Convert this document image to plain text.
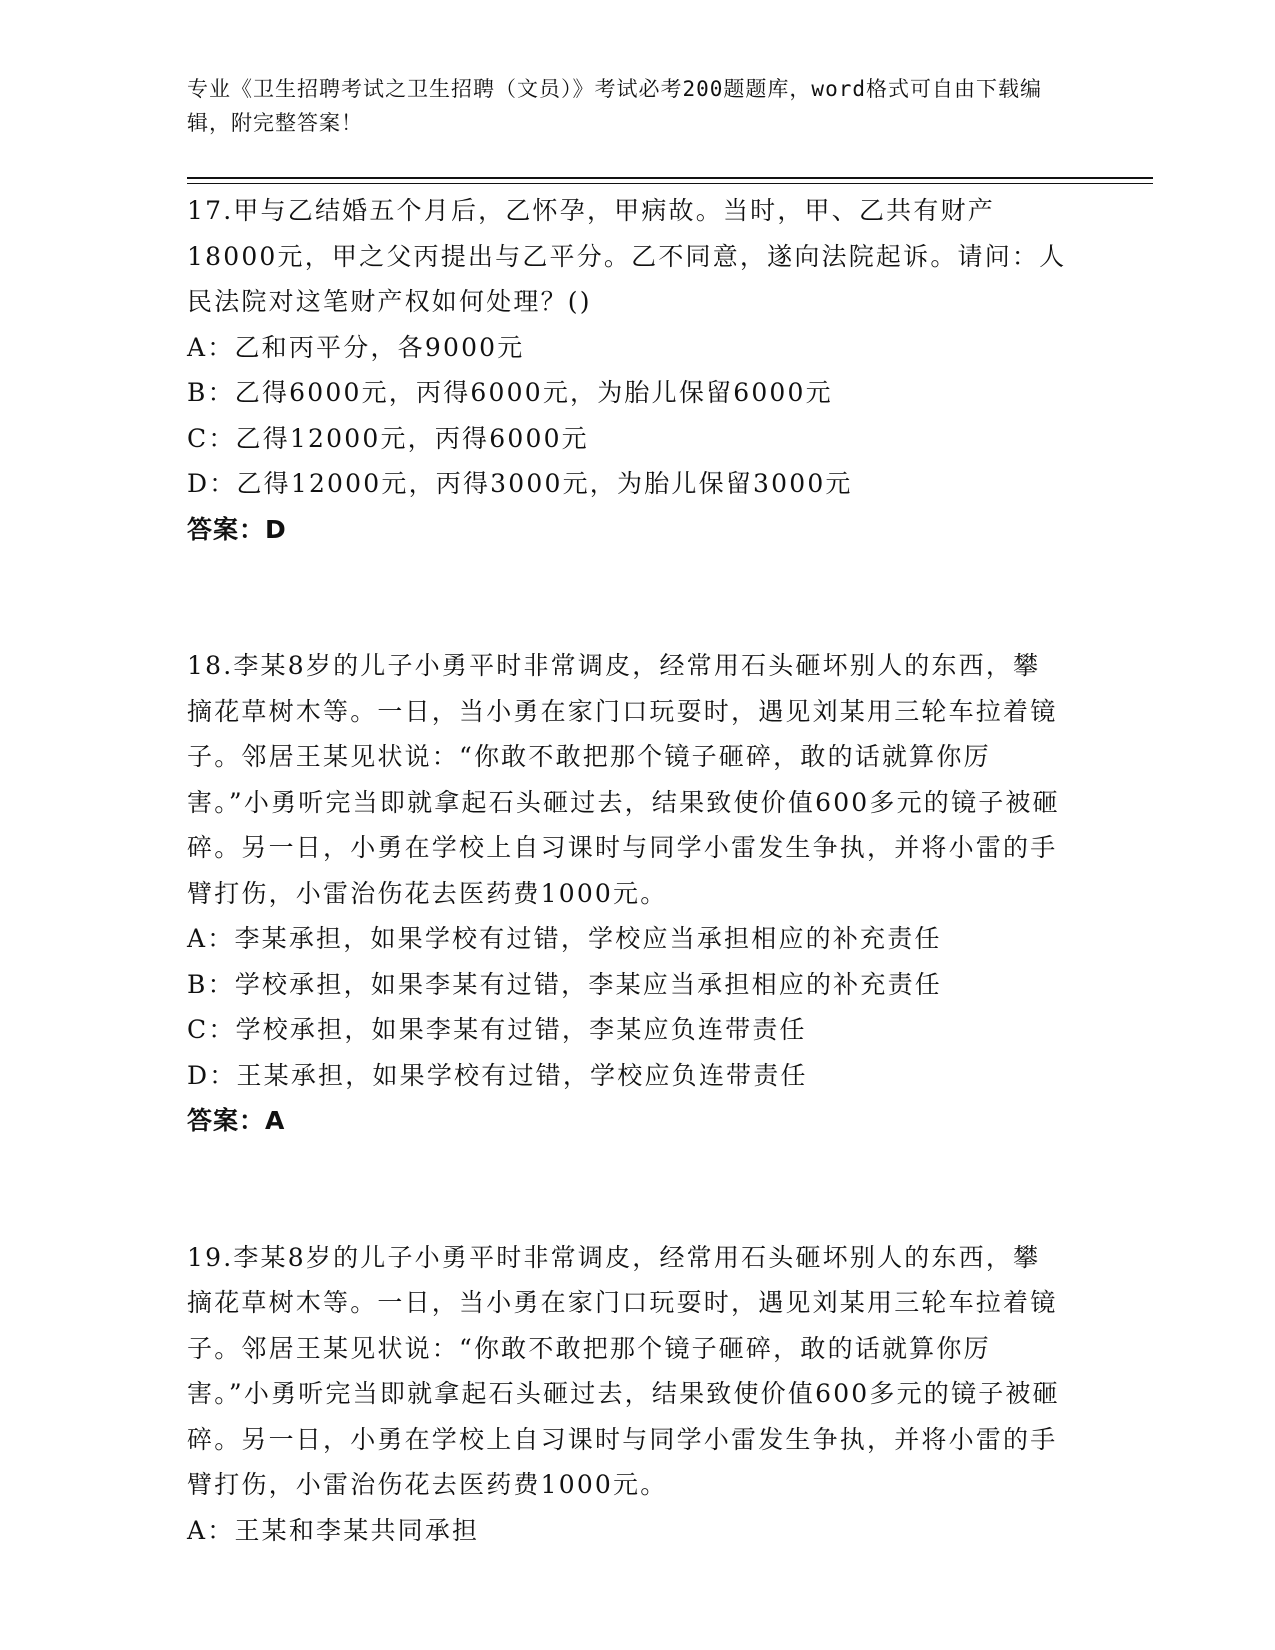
专业《卫生招聘考试之卫生招聘（文员）》考试必考200题题库，word格式可自由下载编辑，附完整答案！

17.甲与乙结婚五个月后，乙怀孕，甲病故。当时，甲、乙共有财产18000元，甲之父丙提出与乙平分。乙不同意，遂向法院起诉。请问：人民法院对这笔财产权如何处理？()

A：乙和丙平分，各9000元

B：乙得6000元，丙得6000元，为胎儿保留6000元

C：乙得12000元，丙得6000元

D：乙得12000元，丙得3000元，为胎儿保留3000元

答案：D

18.李某8岁的儿子小勇平时非常调皮，经常用石头砸坏别人的东西，攀摘花草树木等。一日，当小勇在家门口玩耍时，遇见刘某用三轮车拉着镜子。邻居王某见状说：“你敢不敢把那个镜子砸碎，敢的话就算你厉害。”小勇听完当即就拿起石头砸过去，结果致使价值600多元的镜子被砸碎。另一日，小勇在学校上自习课时与同学小雷发生争执，并将小雷的手臂打伤，小雷治伤花去医药费1000元。

A：李某承担，如果学校有过错，学校应当承担相应的补充责任

B：学校承担，如果李某有过错，李某应当承担相应的补充责任

C：学校承担，如果李某有过错，李某应负连带责任

D：王某承担，如果学校有过错，学校应负连带责任

答案：A

19.李某8岁的儿子小勇平时非常调皮，经常用石头砸坏别人的东西，攀摘花草树木等。一日，当小勇在家门口玩耍时，遇见刘某用三轮车拉着镜子。邻居王某见状说：“你敢不敢把那个镜子砸碎，敢的话就算你厉害。”小勇听完当即就拿起石头砸过去，结果致使价值600多元的镜子被砸碎。另一日，小勇在学校上自习课时与同学小雷发生争执，并将小雷的手臂打伤，小雷治伤花去医药费1000元。

A：王某和李某共同承担
